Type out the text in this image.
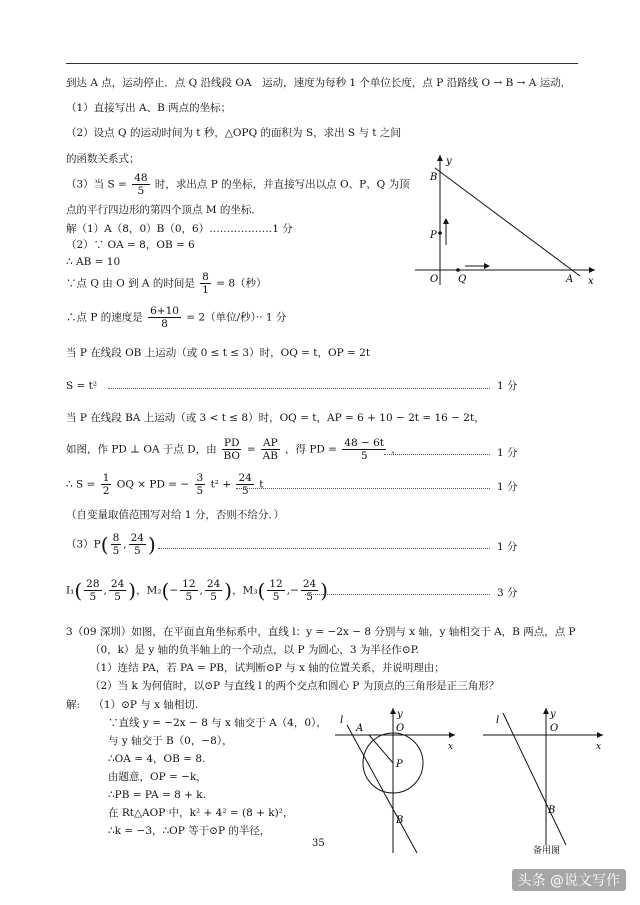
到达 A 点，运动停止．点 Q 沿线段 OA　运动，速度为每秒 1 个单位长度，点 P 沿路线 O → B → A 运动．
（1）直接写出 A、B 两点的坐标；
（2）设点 Q 的运动时间为 t 秒，△OPQ 的面积为 S，求出 S 与 t 之间
的函数关系式；
（3）当 $S = \frac{48}{5}$ 时，求出点 P 的坐标，并直接写出以点 O、P、Q 为顶
点的平行四边形的第四个顶点 M 的坐标．
解（1）A（8，0）B（0，6）………………1 分
（2）∵ OA = 8，OB = 6
∴ AB = 10
∵点 Q 由 O 到 A 的时间是 $\frac{8}{1} = 8$（秒）
∴点 P 的速度是 $\frac{6+10}{8} = 2$（单位/秒）·· 1 分
当 P 在线段 OB 上运动（或 0 ≤ t ≤ 3）时，OQ = t，OP = 2t
S = t²	1 分
当 P 在线段 BA 上运动（或 3 < t ≤ 8）时，OQ = t，AP = 6 + 10 − 2t = 16 − 2t，
如图，作 PD ⊥ OA 于点 D，由 $\frac{PD}{BO} = \frac{AP}{AB}$ ，得 PD = $\frac{48 - 6t}{5}$ ，	1 分
∴ $S = \frac{1}{2}$ OQ × PD = − $\frac{3}{5} t^2 + \frac{24}{5}$ t	1 分
（自变量取值范围写对给 1 分，否则不给分．）
$(3)P( \frac{8}{5}$ , $\frac{24}{5}$ )	1 分
$I_1( \frac{28}{5}$ , $\frac{24}{5}$ )，$M_2(- \frac{12}{5}$ , $\frac{24}{5}$ )，$M_3( \frac{12}{5}$ ,− $\frac{24}{5}$ )	3 分
3（09 深圳）如图，在平面直角坐标系中，直线 l：y = −2x − 8 分别与 x 轴，y 轴相交于 A，B 两点，点 P
（0，k）是 y 轴的负半轴上的一个动点，以 P 为圆心，3 为半径作⊙P.
（1）连结 PA，若 PA = PB，试判断⊙P 与 x 轴的位置关系，并说明理由；
（2）当 k 为何值时，以⊙P 与直线 l 的两个交点和圆心 P 为顶点的三角形是正三角形？
解: （1）⊙P 与 x 轴相切.
∵直线 y = −2x − 8 与 x 轴交于 A（4，0），
与 y 轴交于 B（0，−8），
∴OA = 4，OB = 8.
由题意，OP = −k，
∴PB = PA = 8 + k.
在 Rt△AOP 中，k² + 4² = (8 + k)²，
∴k = −3，∴OP 等于⊙P 的半径，
y
x
B
P
O Q	A
l
y
A	O
P
B
x
l
y
O
B
x
备用图
35
头条 @说文写作
